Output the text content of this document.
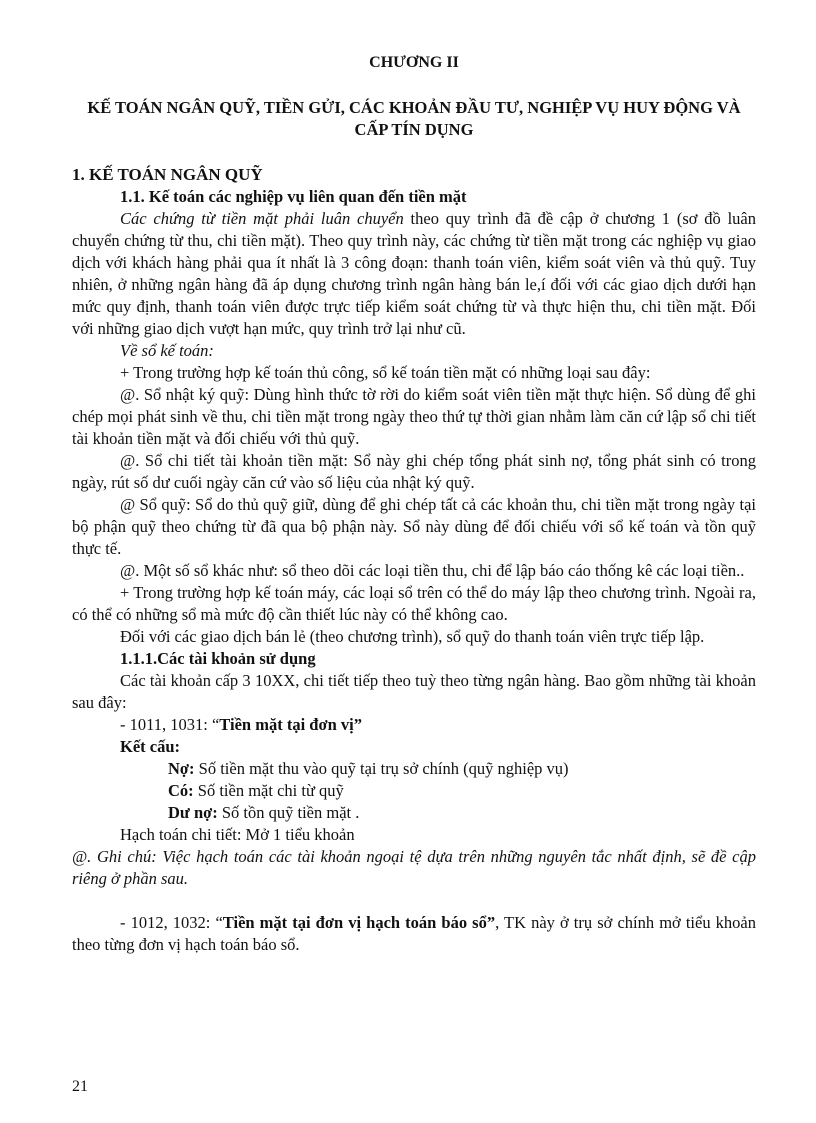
CHƯƠNG II
KẾ TOÁN NGÂN QUỸ, TIỀN GỬI, CÁC KHOẢN ĐẦU TƯ, NGHIỆP VỤ HUY ĐỘNG VÀ CẤP TÍN DỤNG

1. KẾ TOÁN NGÂN QUỸ

1.1. Kế toán các nghiệp vụ liên quan đến tiền mặt

Các chứng từ tiền mặt phải luân chuyển theo quy trình đã đề cập ở chương 1 (sơ đồ luân chuyển chứng từ thu, chi tiền mặt). Theo quy trình này, các chứng từ tiền mặt trong các nghiệp vụ giao dịch với khách hàng phải qua ít nhất là 3 công đoạn: thanh toán viên, kiểm soát viên và thủ quỹ. Tuy nhiên, ở những ngân hàng đã áp dụng chương trình ngân hàng bán le,í đối với các giao dịch dưới hạn mức quy định, thanh toán viên được trực tiếp kiểm soát chứng từ và thực hiện thu, chi tiền mặt. Đối với những giao dịch vượt hạn mức, quy trình trở lại như cũ.

Về sổ kế toán:

+ Trong trường hợp kế toán thủ công, sổ kế toán tiền mặt có những loại sau đây:

@. Sổ nhật ký quỹ: Dùng hình thức tờ rời do kiểm soát viên tiền mặt thực hiện. Sổ dùng để ghi chép mọi phát sinh về thu, chi tiền mặt trong ngày theo thứ tự thời gian nhằm làm căn cứ lập sổ chi tiết tài khoản tiền mặt và đối chiếu với thủ quỹ.

@. Sổ chi tiết tài khoản tiền mặt: Sổ này ghi chép tổng phát sinh nợ, tổng phát sinh có trong ngày, rút số dư cuối ngày căn cứ vào số liệu của nhật ký quỹ.

@ Sổ quỹ: Sổ do thủ quỹ giữ, dùng để ghi chép tất cả các khoản thu, chi tiền mặt trong ngày tại bộ phận quỹ theo chứng từ đã qua bộ phận này. Sổ này dùng để đối chiếu với sổ kế toán và tồn quỹ thực tế.

@. Một số sổ khác như: sổ theo dõi các loại tiền thu, chi để lập báo cáo thống kê các loại tiền..

+ Trong trường hợp kế toán máy, các loại sổ trên có thể do máy lập theo chương trình. Ngoài ra, có thể có những sổ mà mức độ cần thiết lúc này có thể không cao.

Đối với các giao dịch bán lẻ (theo chương trình), sổ quỹ do thanh toán viên trực tiếp lập.

1.1.1.Các tài khoản sử dụng

Các tài khoản cấp 3 10XX, chi tiết tiếp theo tuỳ theo từng ngân hàng. Bao gồm những tài khoản sau đây:

- 1011, 1031: “Tiền mặt tại đơn vị”

Kết cấu:

Nợ: Số tiền mặt thu vào quỹ tại trụ sở chính (quỹ nghiệp vụ)

Có: Số tiền mặt chi từ quỹ

Dư nợ: Số tồn quỹ tiền mặt .

Hạch toán chi tiết: Mở 1 tiểu khoản

@. Ghi chú: Việc hạch toán các tài khoản ngoại tệ dựa trên những nguyên tắc nhất định, sẽ đề cập riêng ở phần sau.

- 1012, 1032: “Tiền mặt tại đơn vị hạch toán báo sổ”, TK này ở trụ sở chính mở tiểu khoản theo từng đơn vị hạch toán báo sổ.

21
